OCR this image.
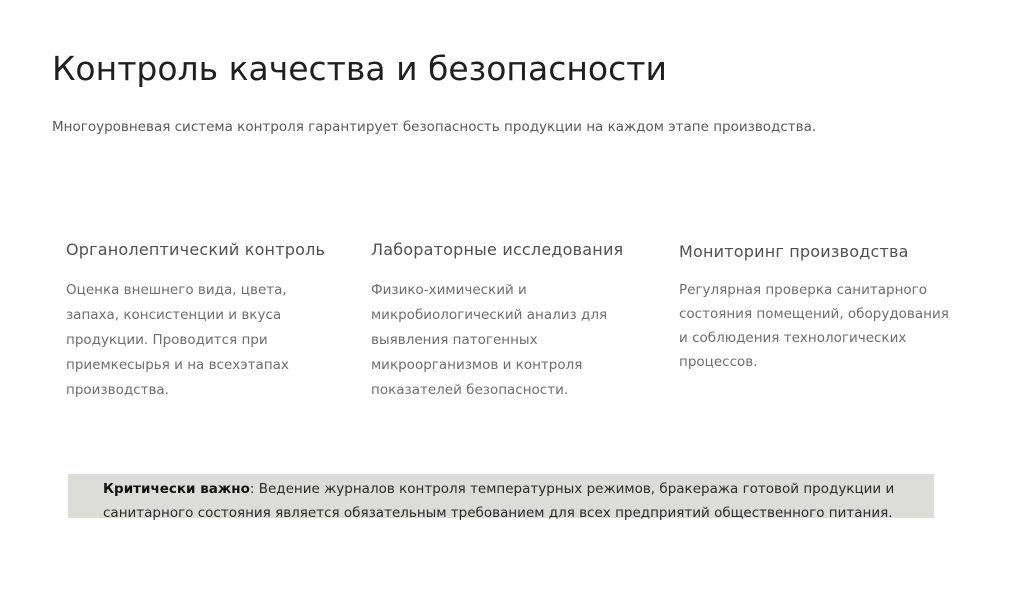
Контроль качества и безопасности

Многоуровневая система контроля гарантирует безопасность продукции на каждом этапе производства.

Органолептический контроль

Оценка внешнего вида, цвета, запаха, консистенции и вкуса продукции. Проводится при приемкесырья и на всехэтапах производства.

Лабораторные исследования

Физико-химический и микробиологический анализ для выявления патогенных микроорганизмов и контроля показателей безопасности.

Мониторинг производства

Регулярная проверка санитарного состояния помещений, оборудования и соблюдения технологических процессов.

Критически важно: Ведение журналов контроля температурных режимов, бракеража готовой продукции и санитарного состояния является обязательным требованием для всех предприятий общественного питания.
